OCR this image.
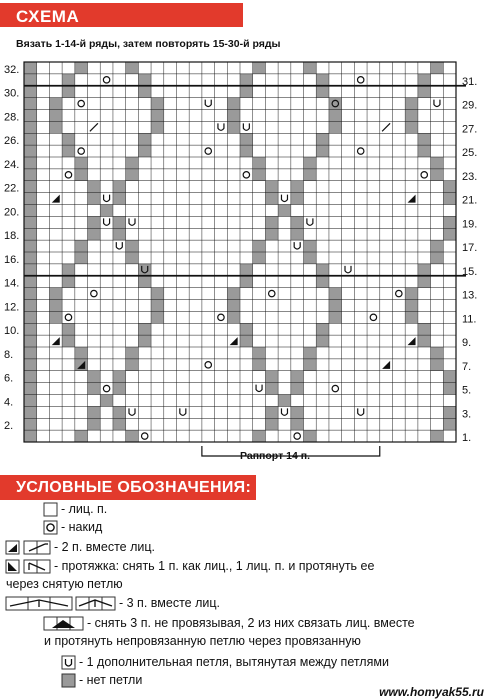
СХЕМА
Вязать 1-14-й ряды, затем повторять 15-30-й ряды
32.
30.
28.
26.
24.
22.
20.
18.
16.
14.
12.
10.
8.
6.
4.
2.
31.
29.
27.
25.
23.
21.
19.
17.
15.
13.
11.
9.
7.
5.
3.
1.
Раппорт 14 п.
УСЛОВНЫЕ ОБОЗНАЧЕНИЯ:
- лиц. п.
- накид
- 2 п. вместе лиц.
- протяжка: снять 1 п. как лиц., 1 лиц. п. и протянуть ее
через снятую петлю
- 3 п. вместе лиц.
- снять 3 п. не провязывая, 2 из них связать лиц. вместе
и протянуть непровязанную петлю через провязанную
- 1 дополнительная петля, вытянутая между петлями
- нет петли
www.homyak55.ru
